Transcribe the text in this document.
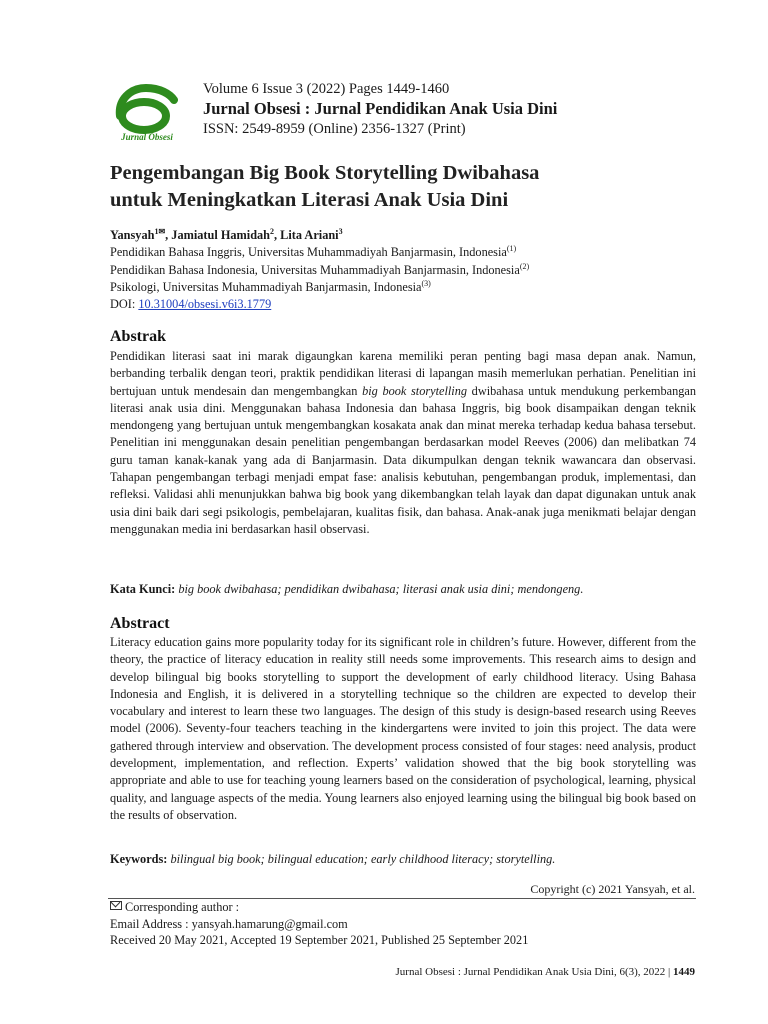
Jurnal Obsesi
Volume 6 Issue 3 (2022) Pages 1449-1460
Jurnal Obsesi : Jurnal Pendidikan Anak Usia Dini
ISSN: 2549-8959 (Online) 2356-1327 (Print)
Pengembangan Big Book Storytelling Dwibahasa
untuk Meningkatkan Literasi Anak Usia Dini
Yansyah$^{1✉}$, Jamiatul Hamidah$^2$, Lita Ariani$^3$
Pendidikan Bahasa Inggris, Universitas Muhammadiyah Banjarmasin, Indonesia$^{(1)}$
Pendidikan Bahasa Indonesia, Universitas Muhammadiyah Banjarmasin, Indonesia$^{(2)}$
Psikologi, Universitas Muhammadiyah Banjarmasin, Indonesia$^{(3)}$
DOI: 10.31004/obsesi.v6i3.1779
Abstrak
Pendidikan literasi saat ini marak digaungkan karena memiliki peran penting bagi masa depan anak. Namun, berbanding terbalik dengan teori, praktik pendidikan literasi di lapangan masih memerlukan perhatian. Penelitian ini bertujuan untuk mendesain dan mengembangkan big book storytelling dwibahasa untuk mendukung perkembangan literasi anak usia dini. Menggunakan bahasa Indonesia dan bahasa Inggris, big book disampaikan dengan teknik mendongeng yang bertujuan untuk mengembangkan kosakata anak dan minat mereka terhadap kedua bahasa tersebut. Penelitian ini menggunakan desain penelitian pengembangan berdasarkan model Reeves (2006) dan melibatkan 74 guru taman kanak-kanak yang ada di Banjarmasin. Data dikumpulkan dengan teknik wawancara dan observasi. Tahapan pengembangan terbagi menjadi empat fase: analisis kebutuhan, pengembangan produk, implementasi, dan refleksi. Validasi ahli menunjukkan bahwa big book yang dikembangkan telah layak dan dapat digunakan untuk anak usia dini baik dari segi psikologis, pembelajaran, kualitas fisik, dan bahasa. Anak-anak juga menikmati belajar dengan menggunakan media ini berdasarkan hasil observasi.
Kata Kunci: big book dwibahasa; pendidikan dwibahasa; literasi anak usia dini; mendongeng.
Abstract
Literacy education gains more popularity today for its significant role in children’s future. However, different from the theory, the practice of literacy education in reality still needs some improvements. This research aims to design and develop bilingual big books storytelling to support the development of early childhood literacy. Using Bahasa Indonesia and English, it is delivered in a storytelling technique so the children are expected to develop their vocabulary and interest to learn these two languages. The design of this study is design-based research using Reeves model (2006). Seventy-four teachers teaching in the kindergartens were invited to join this project. The data were gathered through interview and observation. The development process consisted of four stages: need analysis, product development, implementation, and reflection. Experts’ validation showed that the big book storytelling was appropriate and able to use for teaching young learners based on the consideration of psychological, learning, physical quality, and language aspects of the media. Young learners also enjoyed learning using the bilingual big book based on the results of observation.
Keywords: bilingual big book; bilingual education; early childhood literacy; storytelling.
Copyright (c) 2021 Yansyah, et al.
Corresponding author :
Email Address : yansyah.hamarung@gmail.com
Received 20 May 2021, Accepted 19 September 2021, Published 25 September 2021
Jurnal Obsesi : Jurnal Pendidikan Anak Usia Dini, 6(3), 2022 | 1449
